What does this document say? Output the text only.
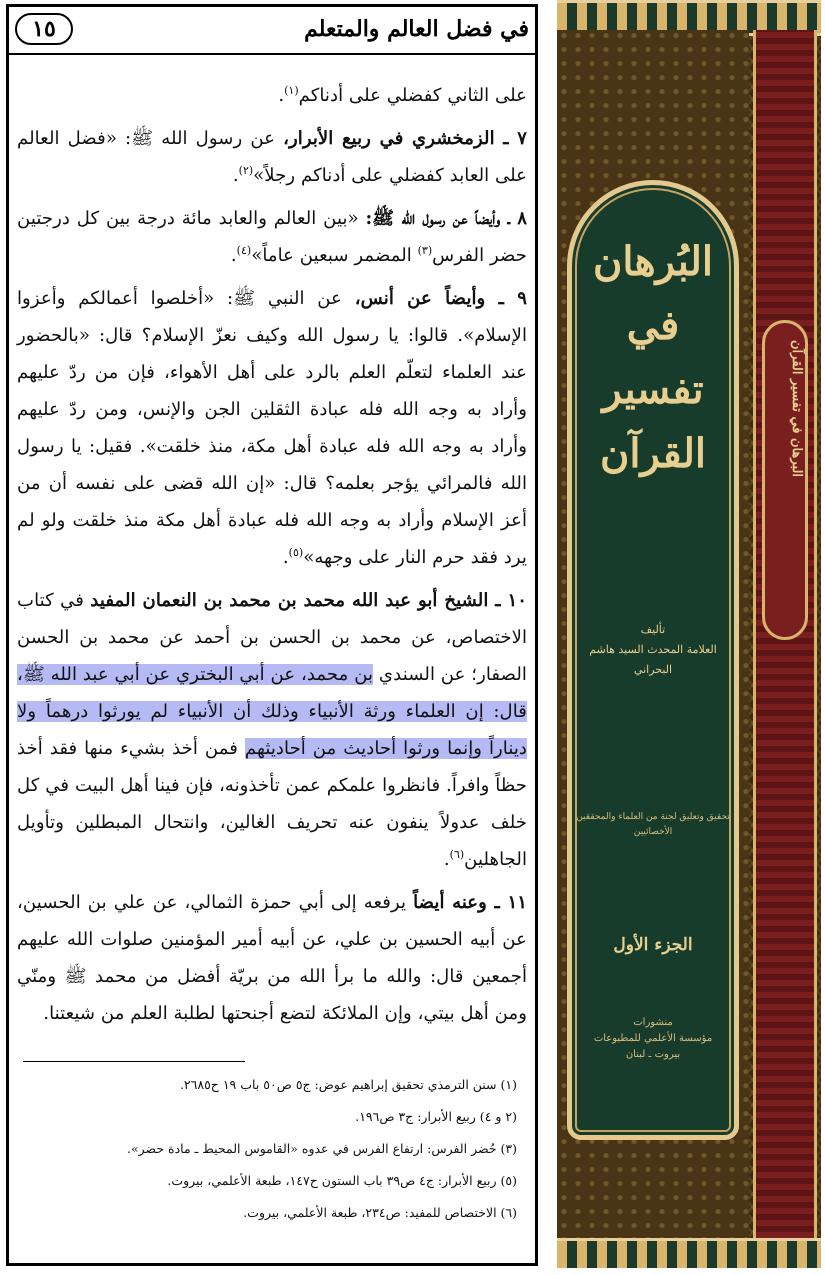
١٥	في فضل العالم والمتعلم

على الثاني كفضلي على أدناكم$^{(١)}$.

٧ ـ الزمخشري في ربيع الأبرار، عن رسول الله ﷺ: «فضل العالم على العابد كفضلي على أدناكم رجلاً»$^{(٢)}$.

٨ ـ وأيضاً عن رسول الله ﷺ: «بين العالم والعابد مائة درجة بين كل درجتين حضر الفرس$^{(٣)}$ المضمر سبعين عاماً»$^{(٤)}$.

٩ ـ وأيضاً عن أنس، عن النبي ﷺ: «أخلصوا أعمالكم وأعزوا الإسلام». قالوا: يا رسول الله وكيف نعزّ الإسلام؟ قال: «بالحضور عند العلماء لتعلّم العلم بالرد على أهل الأهواء، فإن من ردّ عليهم وأراد به وجه الله فله عبادة الثقلين الجن والإنس، ومن ردّ عليهم وأراد به وجه الله فله عبادة أهل مكة، منذ خلقت». فقيل: يا رسول الله فالمرائي يؤجر بعلمه؟ قال: «إن الله قضى على نفسه أن من أعز الإسلام وأراد به وجه الله فله عبادة أهل مكة منذ خلقت ولو لم يرد فقد حرم النار على وجهه»$^{(٥)}$.

١٠ ـ الشيخ أبو عبد الله محمد بن محمد بن النعمان المفيد في كتاب الاختصاص، عن محمد بن الحسن بن أحمد عن محمد بن الحسن الصفار؛ عن السندي بن محمد، عن أبي البختري عن أبي عبد الله ﷺ، قال: إن العلماء ورثة الأنبياء وذلك أن الأنبياء لم يورثوا درهماً ولا ديناراً وإنما ورثوا أحاديث من أحاديثهم فمن أخذ بشيء منها فقد أخذ حظاً وافراً. فانظروا علمكم عمن تأخذونه، فإن فينا أهل البيت في كل خلف عدولاً ينفون عنه تحريف الغالين، وانتحال المبطلين وتأويل الجاهلين$^{(٦)}$.

١١ ـ وعنه أيضاً يرفعه إلى أبي حمزة الثمالي، عن علي بن الحسين، عن أبيه الحسين بن علي، عن أبيه أمير المؤمنين صلوات الله عليهم أجمعين قال: والله ما برأ الله من بريّة أفضل من محمد ﷺ ومنّي ومن أهل بيتي، وإن الملائكة لتضع أجنحتها لطلبة العلم من شيعتنا.

(١) سنن الترمذي تحقيق إبراهيم عوض: ج٥ ص٥٠ باب ١٩ ح٢٦٨٥.
(٢ و ٤) ربيع الأبرار: ج٣ ص١٩٦.
(٣) حُضر الفرس: ارتفاع الفرس في عدوه «القاموس المحيط ـ مادة حضر».
(٥) ربيع الأبرار: ج٤ ص٣٩ باب الستون ح١٤٧، طبعة الأعلمي، بيروت.
(٦) الاختصاص للمفيد: ص٢٣٤، طبعة الأعلمي، بيروت.
البُرهان
في تفسير القرآن
تأليف
العلامة المحدث السيد هاشم البحراني
تحقيق وتعليق لجنة من العلماء والمحققين الأخصائيين
الجزء الأول
منشورات
مؤسسة الأعلمي للمطبوعات
بيروت ـ لبنان
البرهان في تفسير القرآن
